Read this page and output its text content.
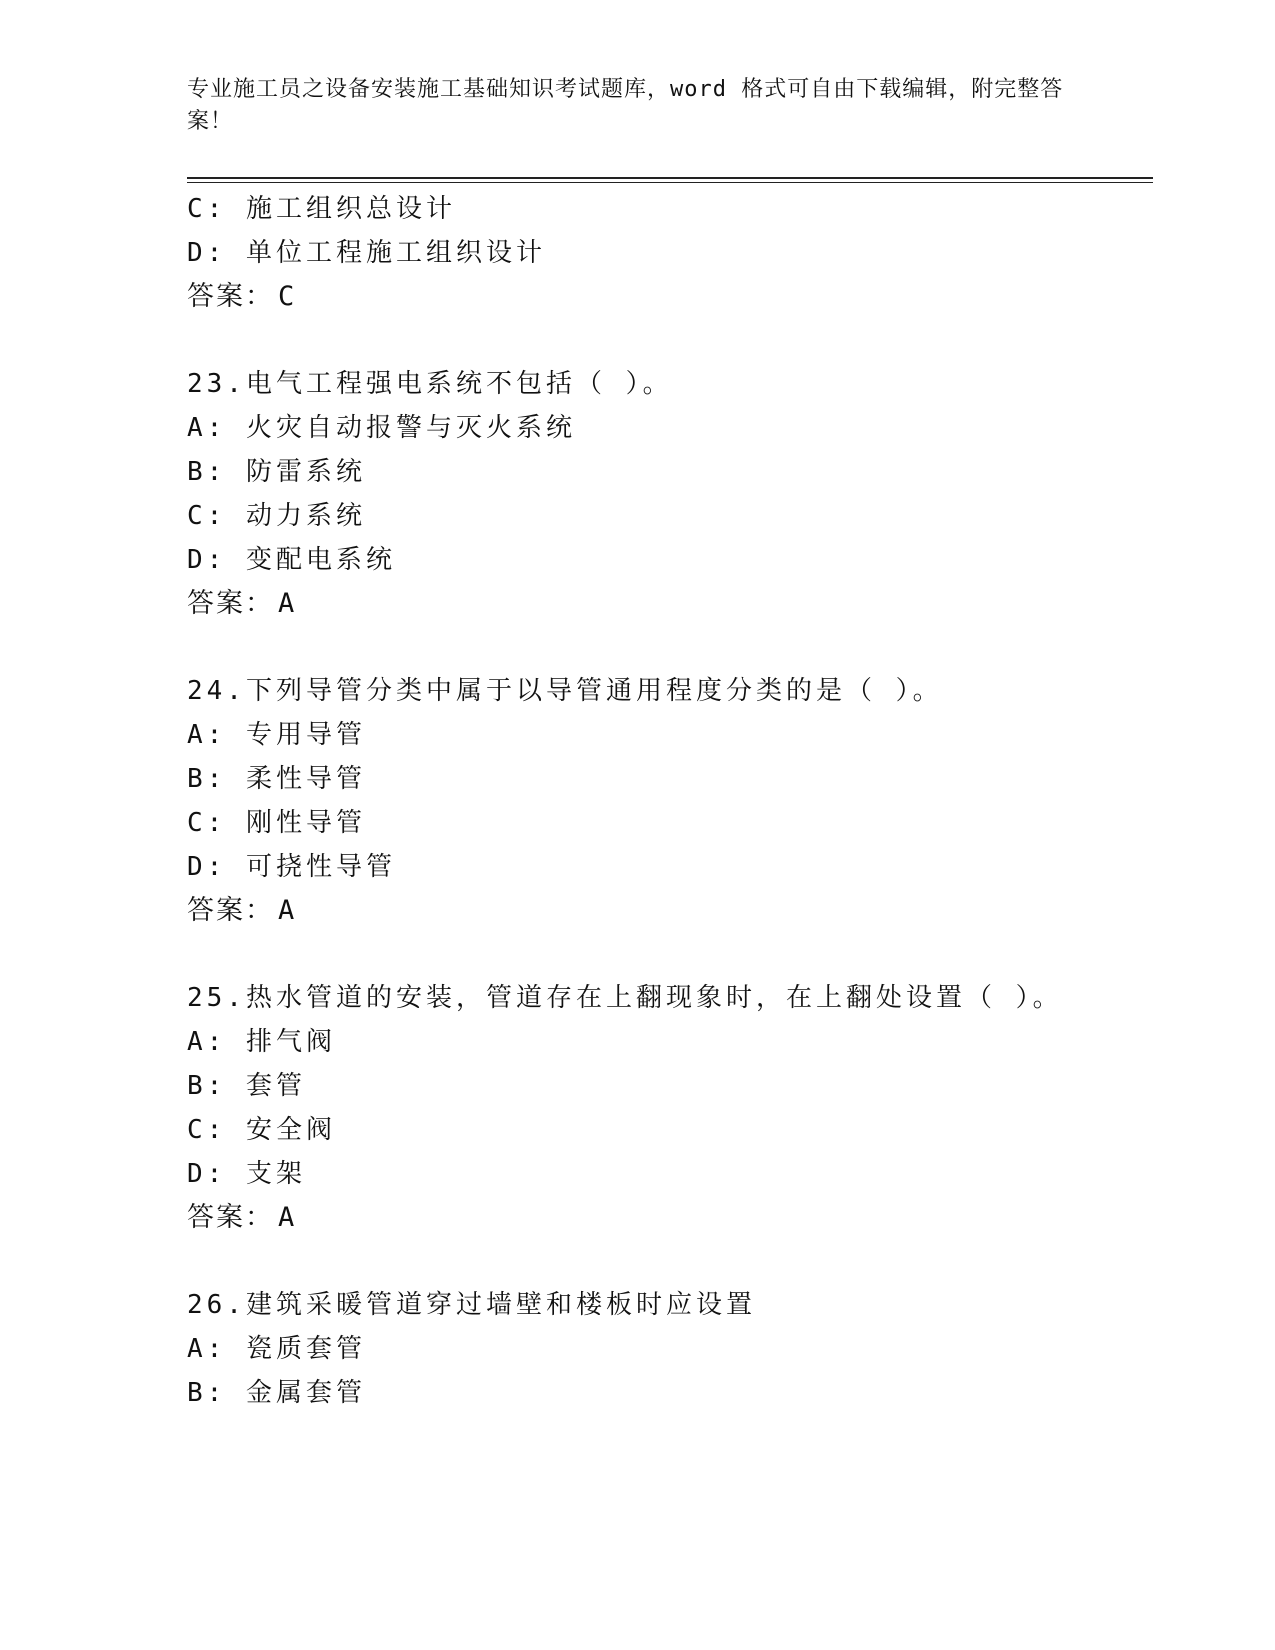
专业施工员之设备安装施工基础知识考试题库，word 格式可自由下载编辑，附完整答案！
C: 施工组织总设计
D: 单位工程施工组织设计
答案： C
23.电气工程强电系统不包括（ ）。
A: 火灾自动报警与灭火系统
B: 防雷系统
C: 动力系统
D: 变配电系统
答案： A
24.下列导管分类中属于以导管通用程度分类的是（ ）。
A: 专用导管
B: 柔性导管
C: 刚性导管
D: 可挠性导管
答案： A
25.热水管道的安装，管道存在上翻现象时，在上翻处设置（ ）。
A: 排气阀
B: 套管
C: 安全阀
D: 支架
答案： A
26.建筑采暖管道穿过墙壁和楼板时应设置
A: 瓷质套管
B: 金属套管
